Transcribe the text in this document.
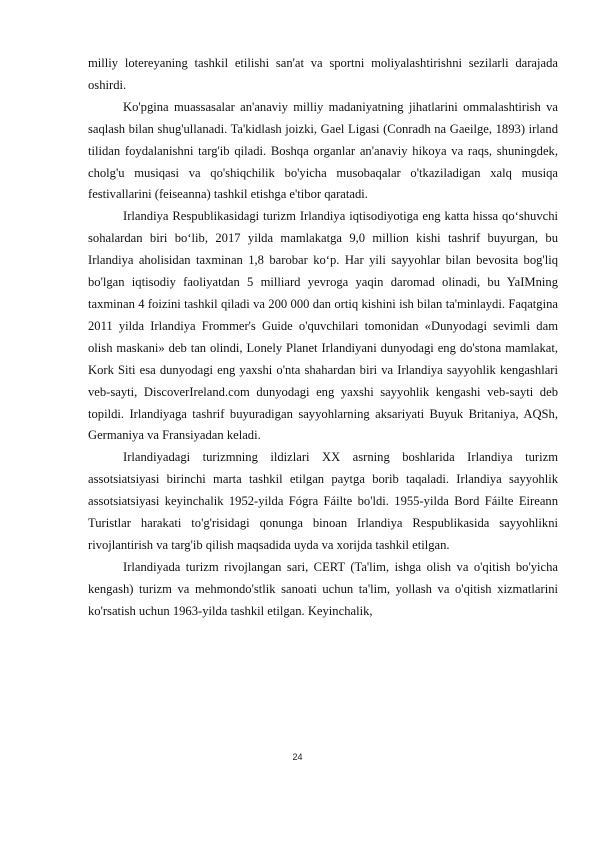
milliy lotereyaning tashkil etilishi san'at va sportni moliyalashtirishni sezilarli darajada oshirdi.

Ko'pgina muassasalar an'anaviy milliy madaniyatning jihatlarini ommalashtirish va saqlash bilan shug'ullanadi. Ta'kidlash joizki, Gael Ligasi (Conradh na Gaeilge, 1893) irland tilidan foydalanishni targ'ib qiladi. Boshqa organlar an'anaviy hikoya va raqs, shuningdek, cholg'u musiqasi va qo'shiqchilik bo'yicha musobaqalar o'tkaziladigan xalq musiqa festivallarini (feiseanna) tashkil etishga e'tibor qaratadi.

Irlandiya Respublikasidagi turizm Irlandiya iqtisodiyotiga eng katta hissa qo‘shuvchi sohalardan biri bo‘lib, 2017 yilda mamlakatga 9,0 million kishi tashrif buyurgan, bu Irlandiya aholisidan taxminan 1,8 barobar ko‘p. Har yili sayyohlar bilan bevosita bog'liq bo'lgan iqtisodiy faoliyatdan 5 milliard yevroga yaqin daromad olinadi, bu YaIMning taxminan 4 foizini tashkil qiladi va 200 000 dan ortiq kishini ish bilan ta'minlaydi. Faqatgina 2011 yilda Irlandiya Frommer's Guide o'quvchilari tomonidan «Dunyodagi sevimli dam olish maskani» deb tan olindi, Lonely Planet Irlandiyani dunyodagi eng do'stona mamlakat, Kork Siti esa dunyodagi eng yaxshi o'nta shahardan biri va Irlandiya sayyohlik kengashlari veb-sayti, DiscoverIreland.com dunyodagi eng yaxshi sayyohlik kengashi veb-sayti deb topildi. Irlandiyaga tashrif buyuradigan sayyohlarning aksariyati Buyuk Britaniya, AQSh, Germaniya va Fransiyadan keladi.

Irlandiyadagi turizmning ildizlari XX asrning boshlarida Irlandiya turizm assotsiatsiyasi birinchi marta tashkil etilgan paytga borib taqaladi. Irlandiya sayyohlik assotsiatsiyasi keyinchalik 1952-yilda Fógra Fáilte bo'ldi. 1955-yilda Bord Fáilte Eireann Turistlar harakati to'g'risidagi qonunga binoan Irlandiya Respublikasida sayyohlikni rivojlantirish va targ'ib qilish maqsadida uyda va xorijda tashkil etilgan.

Irlandiyada turizm rivojlangan sari, CERT (Ta'lim, ishga olish va o'qitish bo'yicha kengash) turizm va mehmondo'stlik sanoati uchun ta'lim, yollash va o'qitish xizmatlarini ko'rsatish uchun 1963-yilda tashkil etilgan. Keyinchalik,

24
